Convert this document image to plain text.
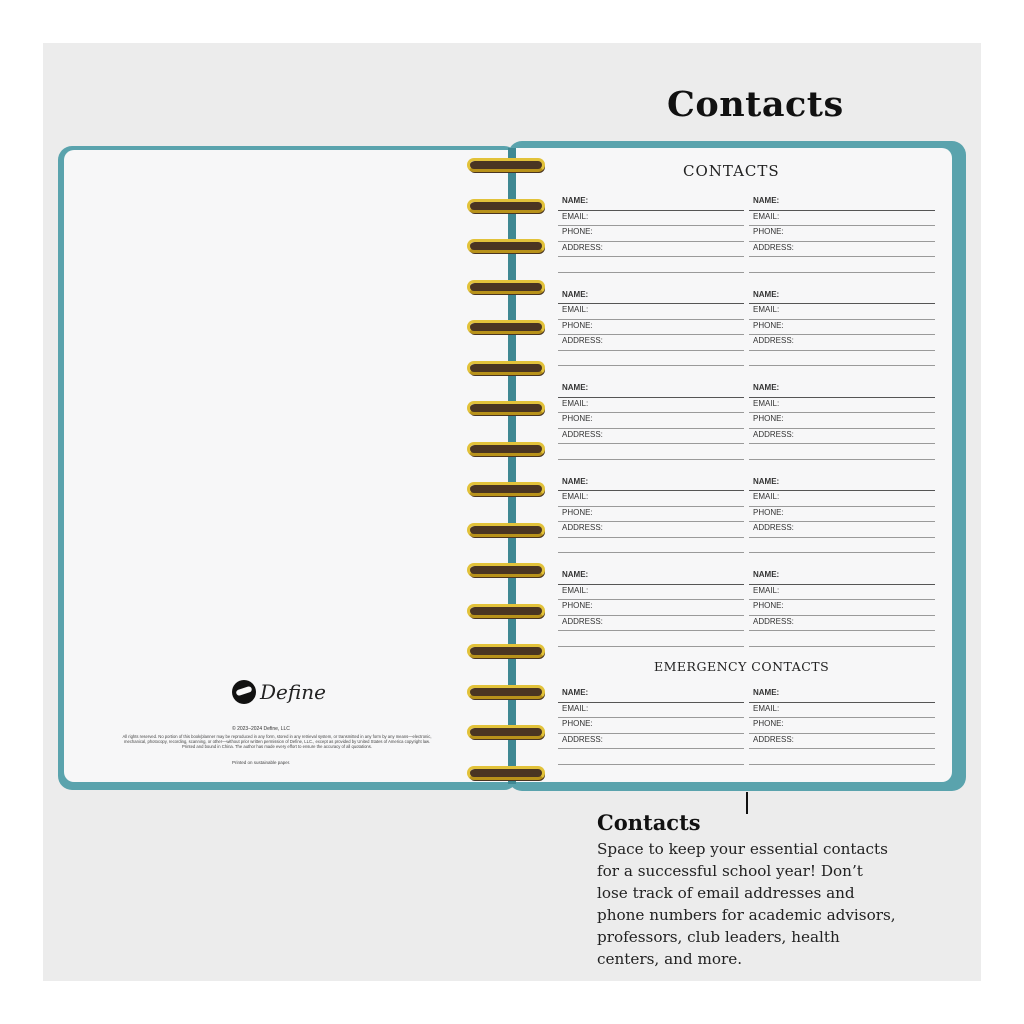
Contacts
Define
© 2023–2024 Define, LLC
All rights reserved. No portion of this book/planner may be reproduced in any form, stored in any retrieval system, or transmitted in any form by any means—electronic, mechanical, photocopy, recording, scanning, or other—without prior written permission of Define, LLC., except as provided by United States of America copyright law. Printed and bound in China. The author has made every effort to ensure the accuracy of all quotations.
Printed on sustainable paper.
CONTACTS
NAME:
EMAIL:
PHONE:
ADDRESS:
NAME:
EMAIL:
PHONE:
ADDRESS:
NAME:
EMAIL:
PHONE:
ADDRESS:
NAME:
EMAIL:
PHONE:
ADDRESS:
NAME:
EMAIL:
PHONE:
ADDRESS:
NAME:
EMAIL:
PHONE:
ADDRESS:
NAME:
EMAIL:
PHONE:
ADDRESS:
NAME:
EMAIL:
PHONE:
ADDRESS:
NAME:
EMAIL:
PHONE:
ADDRESS:
NAME:
EMAIL:
PHONE:
ADDRESS:
EMERGENCY CONTACTS
NAME:
EMAIL:
PHONE:
ADDRESS:
NAME:
EMAIL:
PHONE:
ADDRESS:
Contacts

Space to keep your essential contacts for a successful school year! Don’t lose track of email addresses and phone numbers for academic advisors, professors, club leaders, health centers, and more.
